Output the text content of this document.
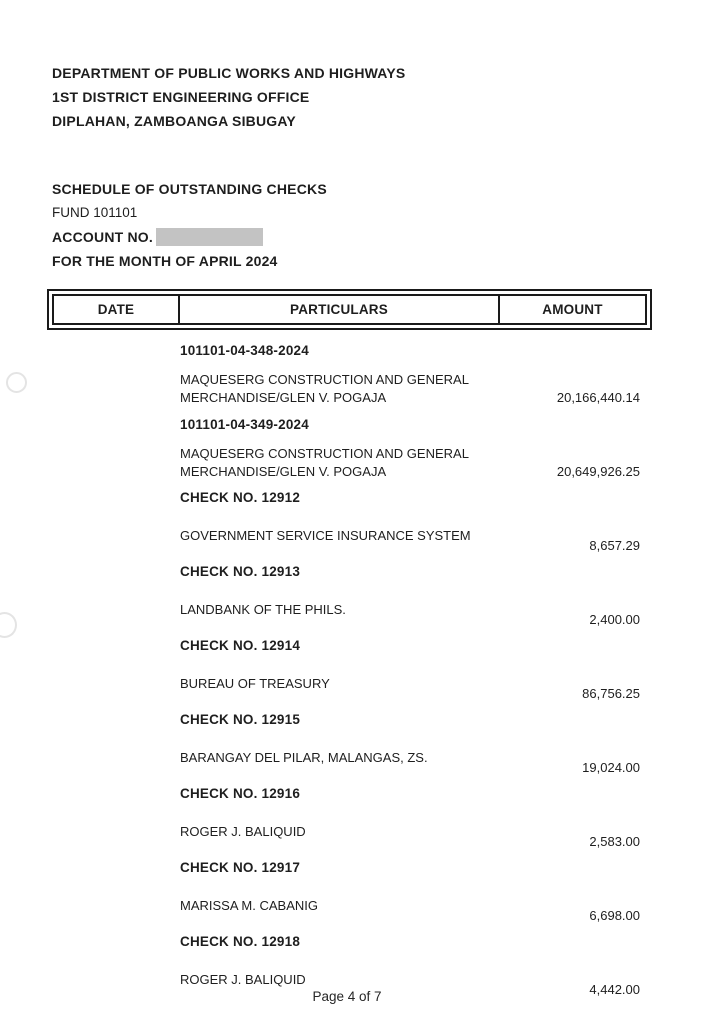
DEPARTMENT OF PUBLIC WORKS AND HIGHWAYS
1ST DISTRICT ENGINEERING OFFICE
DIPLAHAN, ZAMBOANGA SIBUGAY
SCHEDULE OF OUTSTANDING CHECKS
FUND 101101
ACCOUNT NO.
FOR THE MONTH OF APRIL 2024
DATE	PARTICULARS	AMOUNT
101101-04-348-2024
MAQUESERG CONSTRUCTION AND GENERAL
MERCHANDISE/GLEN V. POGAJA	20,166,440.14
101101-04-349-2024
MAQUESERG CONSTRUCTION AND GENERAL
MERCHANDISE/GLEN V. POGAJA	20,649,926.25
CHECK NO. 12912
GOVERNMENT SERVICE INSURANCE SYSTEM
8,657.29
CHECK NO. 12913
LANDBANK OF THE PHILS.
2,400.00
CHECK NO. 12914
BUREAU OF TREASURY
86,756.25
CHECK NO. 12915
BARANGAY DEL PILAR, MALANGAS, ZS.
19,024.00
CHECK NO. 12916
ROGER J. BALIQUID
2,583.00
CHECK NO. 12917
MARISSA M. CABANIG
6,698.00
CHECK NO. 12918
ROGER J. BALIQUID
4,442.00
Page 4 of 7
